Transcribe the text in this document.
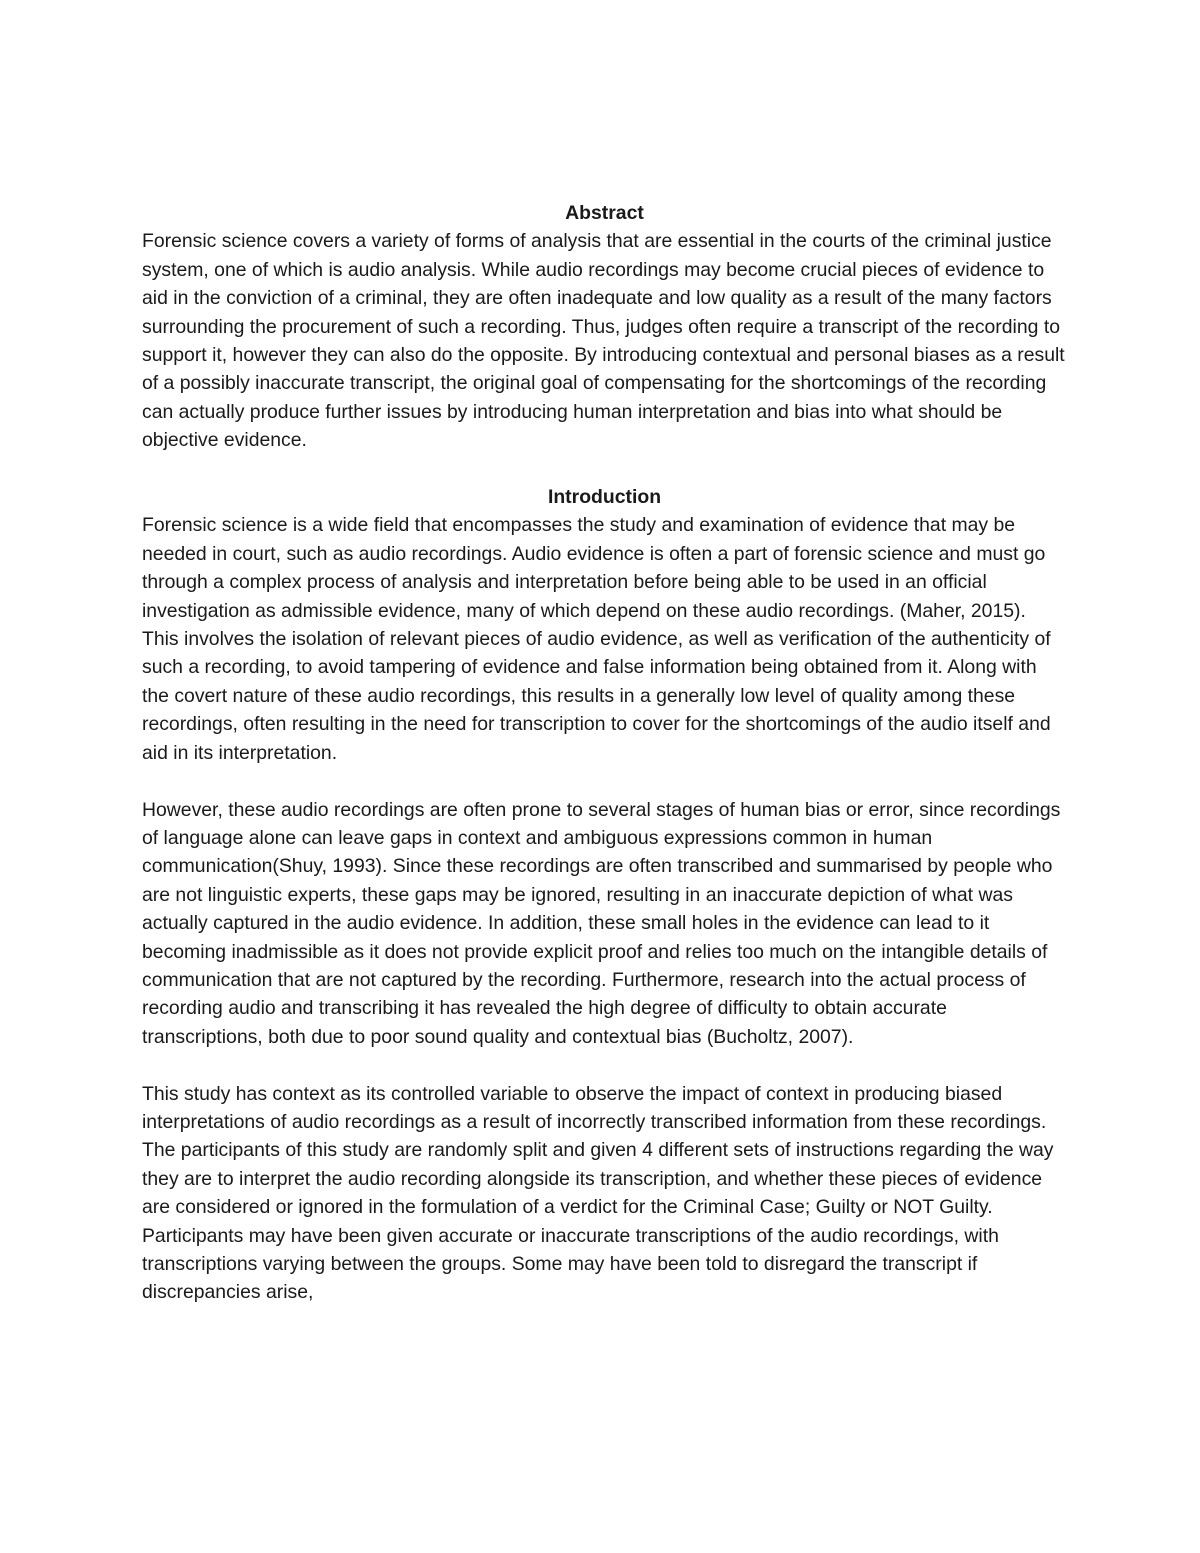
Abstract

Forensic science covers a variety of forms of analysis that are essential in the courts of the criminal justice system, one of which is audio analysis. While audio recordings may become crucial pieces of evidence to aid in the conviction of a criminal, they are often inadequate and low quality as a result of the many factors surrounding the procurement of such a recording. Thus, judges often require a transcript of the recording to support it, however they can also do the opposite. By introducing contextual and personal biases as a result of a possibly inaccurate transcript, the original goal of compensating for the shortcomings of the recording can actually produce further issues by introducing human interpretation and bias into what should be objective evidence.

Introduction

Forensic science is a wide field that encompasses the study and examination of evidence that may be needed in court, such as audio recordings. Audio evidence is often a part of forensic science and must go through a complex process of analysis and interpretation before being able to be used in an official investigation as admissible evidence, many of which depend on these audio recordings. (Maher, 2015). This involves the isolation of relevant pieces of audio evidence, as well as verification of the authenticity of such a recording, to avoid tampering of evidence and false information being obtained from it. Along with the covert nature of these audio recordings, this results in a generally low level of quality among these recordings, often resulting in the need for transcription to cover for the shortcomings of the audio itself and aid in its interpretation.

However, these audio recordings are often prone to several stages of human bias or error, since recordings of language alone can leave gaps in context and ambiguous expressions common in human communication(Shuy, 1993). Since these recordings are often transcribed and summarised by people who are not linguistic experts, these gaps may be ignored, resulting in an inaccurate depiction of what was actually captured in the audio evidence. In addition, these small holes in the evidence can lead to it becoming inadmissible as it does not provide explicit proof and relies too much on the intangible details of communication that are not captured by the recording. Furthermore, research into the actual process of recording audio and transcribing it has revealed the high degree of difficulty to obtain accurate transcriptions, both due to poor sound quality and contextual bias (Bucholtz, 2007).

This study has context as its controlled variable to observe the impact of context in producing biased interpretations of audio recordings as a result of incorrectly transcribed information from these recordings. The participants of this study are randomly split and given 4 different sets of instructions regarding the way they are to interpret the audio recording alongside its transcription, and whether these pieces of evidence are considered or ignored in the formulation of a verdict for the Criminal Case; Guilty or NOT Guilty. Participants may have been given accurate or inaccurate transcriptions of the audio recordings, with transcriptions varying between the groups. Some may have been told to disregard the transcript if discrepancies arise,
